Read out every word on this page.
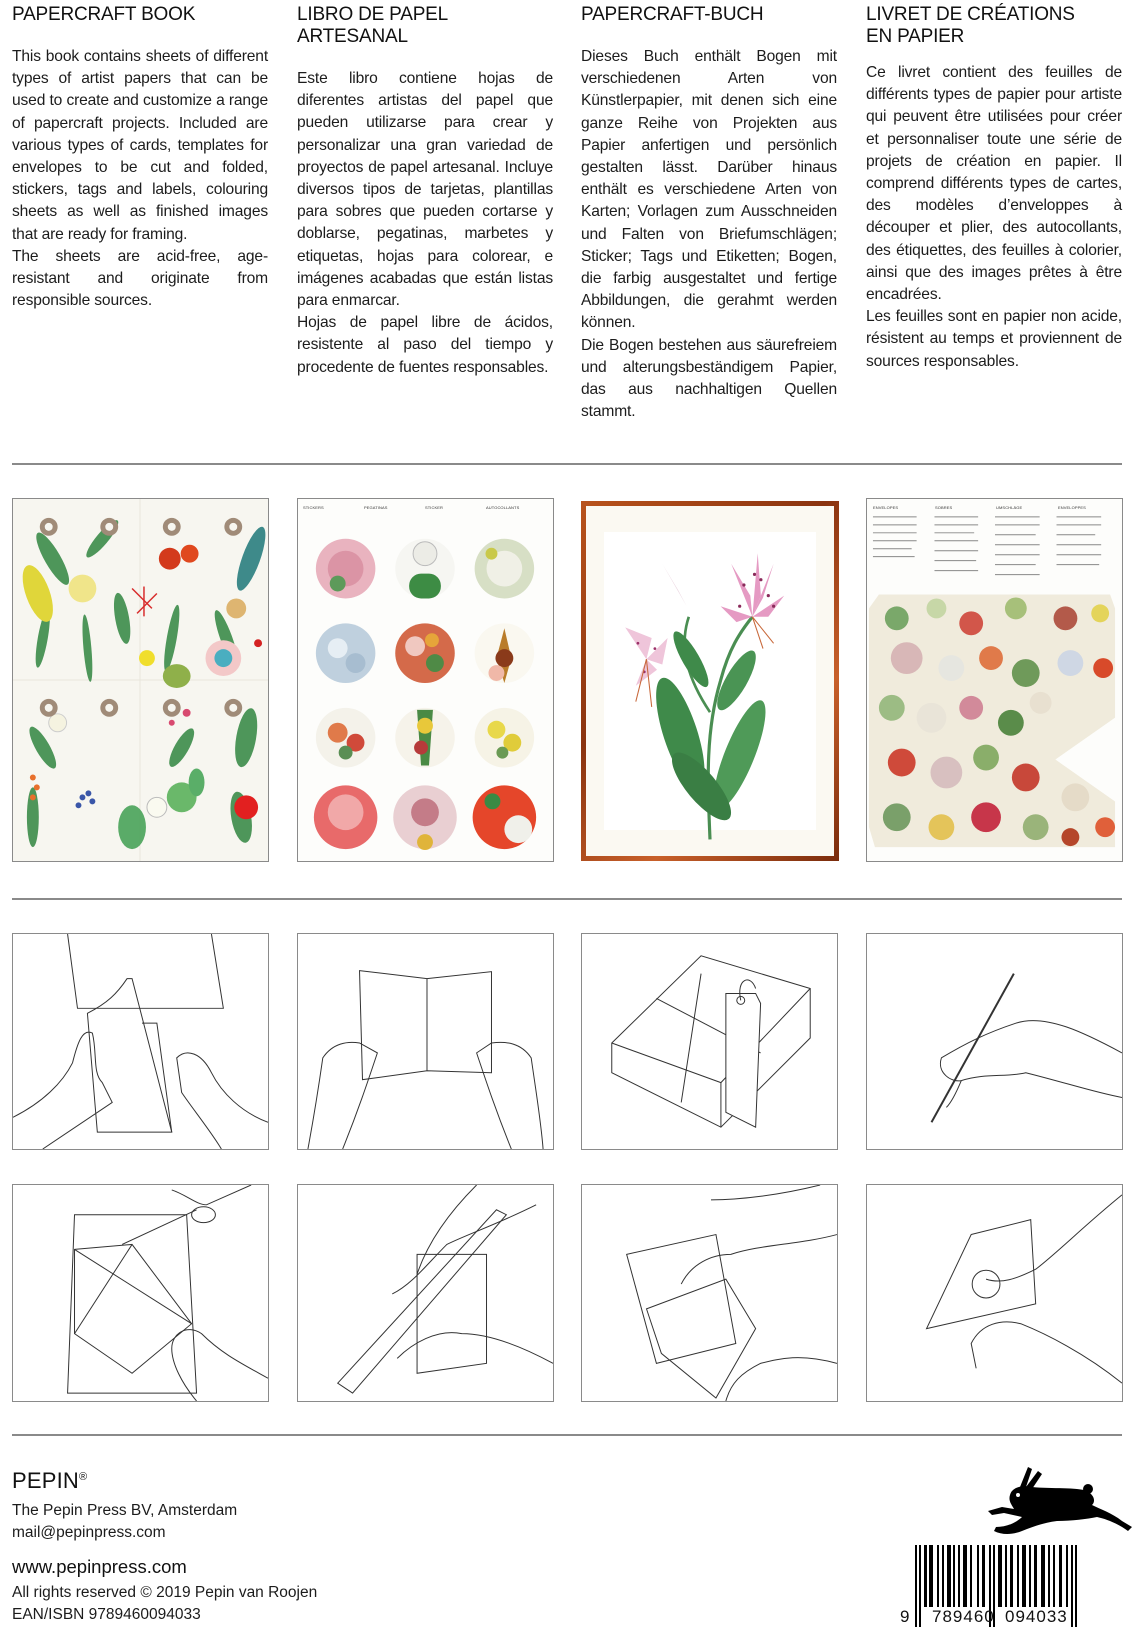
PAPERCRAFT BOOK

This book contains sheets of different types of artist papers that can be used to create and customize a range of papercraft projects. Included are various types of cards, templates for envelopes to be cut and folded, stickers, tags and labels, colouring sheets as well as finished images that are ready for framing.

The sheets are acid-free, age-resistant and originate from responsible sources.

LIBRO DE PAPEL ARTESANAL

Este libro contiene hojas de diferentes artistas del papel que pueden utilizarse para crear y personalizar una gran variedad de proyectos de papel artesanal. Incluye diversos tipos de tarjetas, plantillas para sobres que pueden cortarse y doblarse, pegatinas, marbetes y etiquetas, hojas para colorear, e imágenes acabadas que están listas para enmarcar.

Hojas de papel libre de ácidos, resistente al paso del tiempo y procedente de fuentes responsables.

PAPERCRAFT-BUCH

Dieses Buch enthält Bogen mit verschiedenen Arten von Künstlerpapier, mit denen sich eine ganze Reihe von Projekten aus Papier anfertigen und persönlich gestalten lässt. Darüber hinaus enthält es verschiedene Arten von Karten; Vorlagen zum Ausschneiden und Falten von Briefumschlägen; Sticker; Tags und Etiketten; Bogen, die farbig ausgestaltet und fertige Abbildungen, die gerahmt werden können.

Die Bogen bestehen aus säurefreiem und alterungsbeständigem Papier, das aus nachhaltigen Quellen stammt.

LIVRET DE CRÉATIONS EN PAPIER

Ce livret contient des feuilles de différents types de papier pour artiste qui peuvent être utilisées pour créer et personnaliser toute une série de projets de création en papier. Il comprend différents types de cartes, des modèles d’enveloppes à découper et plier, des autocollants, des étiquettes, des feuilles à colorier, ainsi que des images prêtes à être encadrées.

Les feuilles sont en papier non acide, résistent au temps et proviennent de sources responsables.

STICKERS	PEGATINAS	STICKER	AUTOCOLLANTS	ENVELOPES	SOBRES	UMSCHLÄGE	ENVELOPPES
PEPIN®
The Pepin Press BV, Amsterdam
mail@pepinpress.com
www.pepinpress.com
All rights reserved © 2019 Pepin van Roojen
EAN/ISBN 9789460094033	9 789460 094033
